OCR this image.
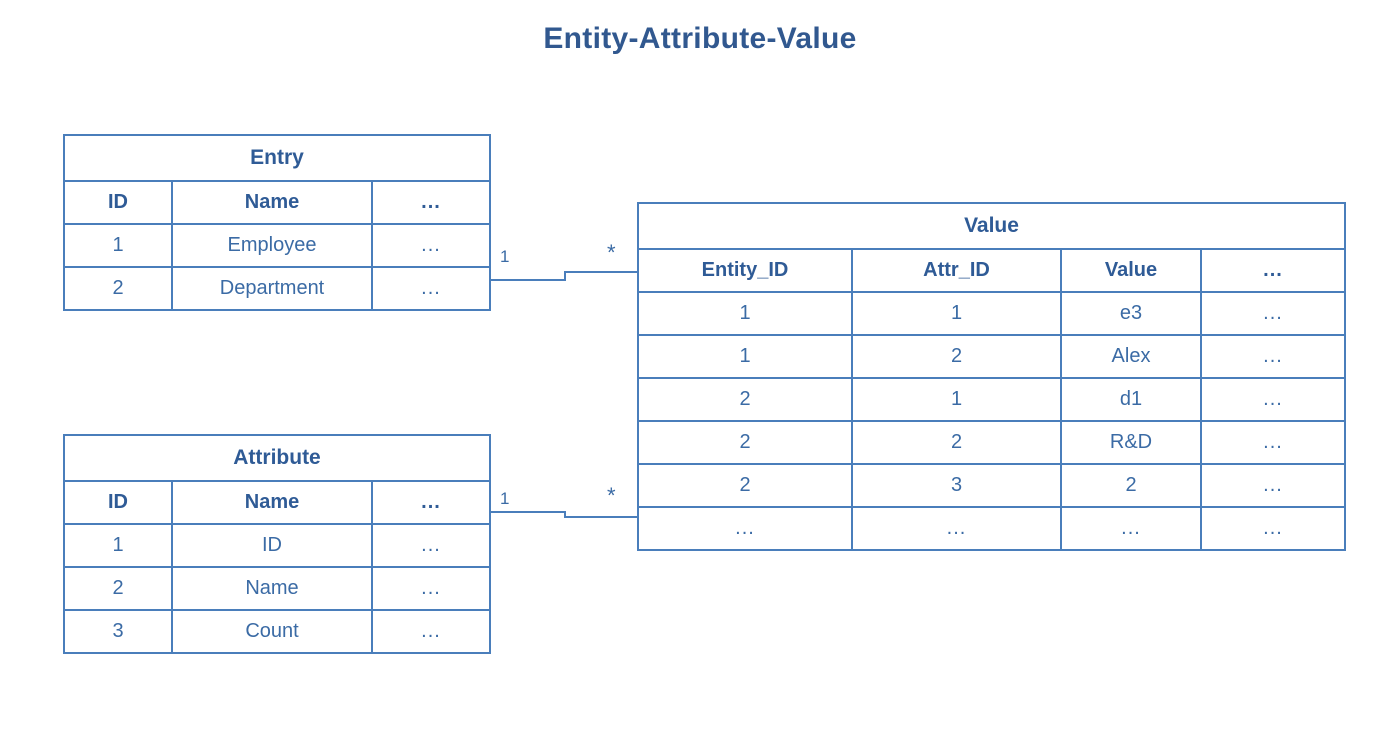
Entity-Attribute-Value
Entry
ID	Name	...
1	Employee	...
2	Department	...
Attribute
ID	Name	...
1	ID	...
2	Name	...
3	Count	...
Value
Entity_ID	Attr_ID	Value	...
1	1	e3	...
1	2	Alex	...
2	1	d1	...
2	2	R&D	...
2	3	2	...
...	...	...	...
1	*
1	*
